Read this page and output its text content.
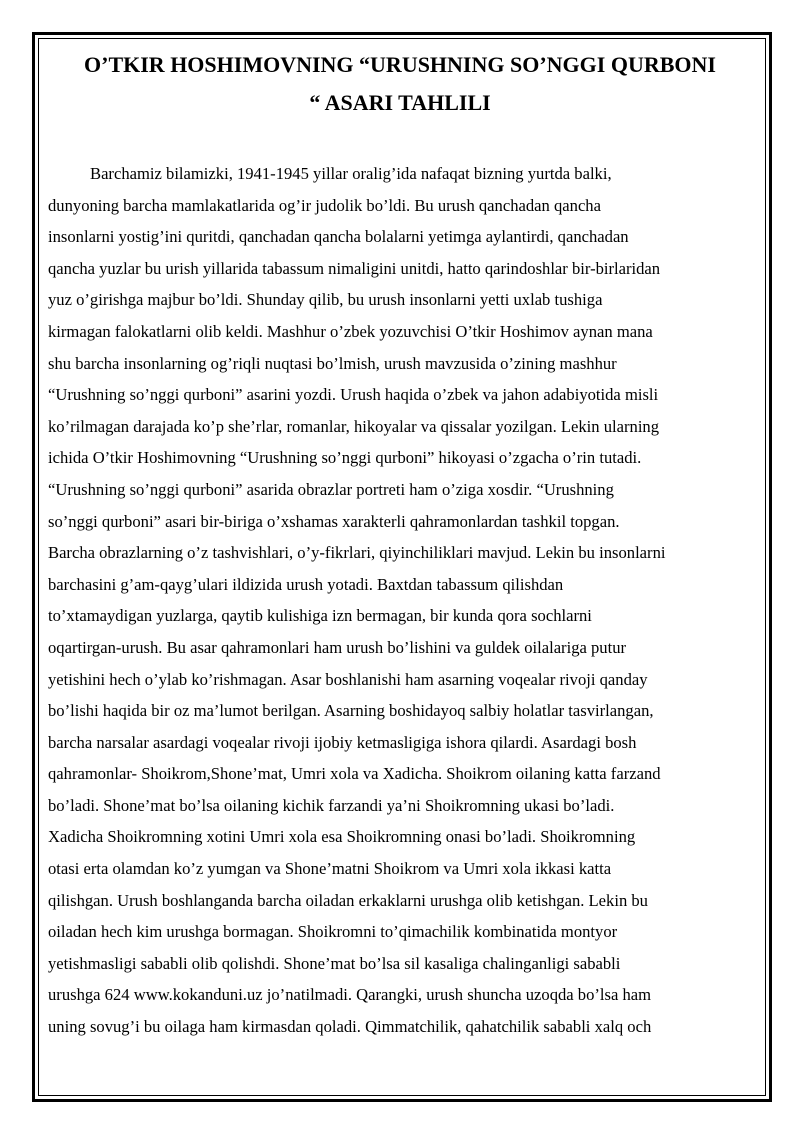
O’TKIR HOSHIMOVNING “URUSHNING SO’NGGI QURBONI
“ ASARI TAHLILI
Barchamiz bilamizki, 1941-1945 yillar oralig’ida nafaqat bizning yurtda balki,
dunyoning barcha mamlakatlarida og’ir judolik bo’ldi. Bu urush qanchadan qancha
insonlarni yostig’ini quritdi, qanchadan qancha bolalarni yetimga aylantirdi, qanchadan
qancha yuzlar bu urish yillarida tabassum nimaligini unitdi, hatto qarindoshlar bir-birlaridan
yuz o’girishga majbur bo’ldi. Shunday qilib, bu urush insonlarni yetti uxlab tushiga
kirmagan falokatlarni olib keldi. Mashhur o’zbek yozuvchisi O’tkir Hoshimov aynan mana
shu barcha insonlarning og’riqli nuqtasi bo’lmish, urush mavzusida o’zining mashhur
“Urushning so’nggi qurboni” asarini yozdi. Urush haqida o’zbek va jahon adabiyotida misli
ko’rilmagan darajada ko’p she’rlar, romanlar, hikoyalar va qissalar yozilgan. Lekin ularning
ichida O’tkir Hoshimovning “Urushning so’nggi qurboni” hikoyasi o’zgacha o’rin tutadi.
“Urushning so’nggi qurboni” asarida obrazlar portreti ham o’ziga xosdir. “Urushning
so’nggi qurboni” asari bir-biriga o’xshamas xarakterli qahramonlardan tashkil topgan.
Barcha obrazlarning o’z tashvishlari, o’y-fikrlari, qiyinchiliklari mavjud. Lekin bu insonlarni
barchasini g’am-qayg’ulari ildizida urush yotadi. Baxtdan tabassum qilishdan
to’xtamaydigan yuzlarga, qaytib kulishiga izn bermagan, bir kunda qora sochlarni
oqartirgan-urush. Bu asar qahramonlari ham urush bo’lishini va guldek oilalariga putur
yetishini hech o’ylab ko’rishmagan. Asar boshlanishi ham asarning voqealar rivoji qanday
bo’lishi haqida bir oz ma’lumot berilgan. Asarning boshidayoq salbiy holatlar tasvirlangan,
barcha narsalar asardagi voqealar rivoji ijobiy ketmasligiga ishora qilardi. Asardagi bosh
qahramonlar- Shoikrom,Shone’mat, Umri xola va Xadicha. Shoikrom oilaning katta farzand
bo’ladi. Shone’mat bo’lsa oilaning kichik farzandi ya’ni Shoikromning ukasi bo’ladi.
Xadicha Shoikromning xotini Umri xola esa Shoikromning onasi bo’ladi. Shoikromning
otasi erta olamdan ko’z yumgan va Shone’matni Shoikrom va Umri xola ikkasi katta
qilishgan. Urush boshlanganda barcha oiladan erkaklarni urushga olib ketishgan. Lekin bu
oiladan hech kim urushga bormagan. Shoikromni to’qimachilik kombinatida montyor
yetishmasligi sababli olib qolishdi. Shone’mat bo’lsa sil kasaliga chalinganligi sababli
urushga 624 www.kokanduni.uz jo’natilmadi. Qarangki, urush shuncha uzoqda bo’lsa ham
uning sovug’i bu oilaga ham kirmasdan qoladi. Qimmatchilik, qahatchilik sababli xalq och
